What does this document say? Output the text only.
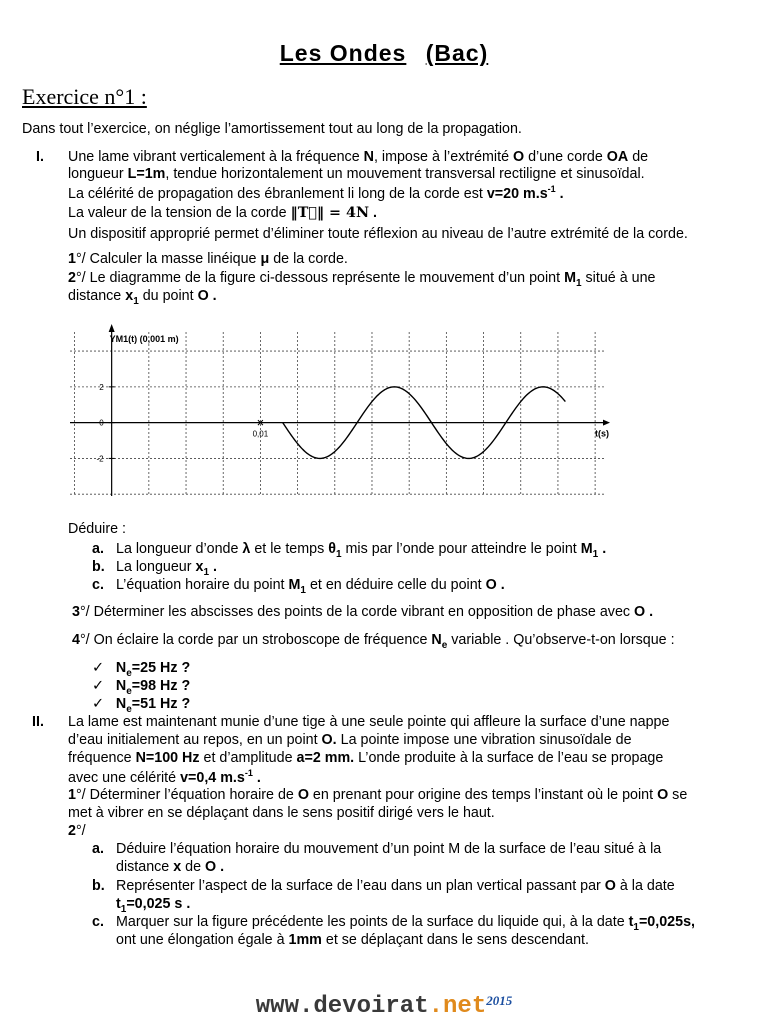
Les Ondes (Bac)
Exercice n°1 :
Dans tout l’exercice, on néglige l’amortissement tout au long de la propagation.
I. Une lame vibrant verticalement à la fréquence N, impose à l’extrémité O d’une corde OA de
longueur L=1m, tendue horizontalement un mouvement transversal rectiligne et sinusoïdal.
La célérité de propagation des ébranlement li long de la corde est v=20 $m.s^{-1}$ .
La valeur de la tension de la corde ‖T⃗‖ = 4N .
Un dispositif approprié permet d’éliminer toute réflexion au niveau de l’autre extrémité de la corde.
1°/ Calculer la masse linéique μ de la corde.
2°/ Le diagramme de la figure ci-dessous représente le mouvement d’un point $M_1$ situé à une
distance $x_1$ du point O .
YM1(t) (0,001 m)
t(s)
2
0
-2
0,01
Déduire :
a. La longueur d’onde λ et le temps $\theta_1$ mis par l’onde pour atteindre le point $M_1$ .
b. La longueur $x_1$ .
c. L’équation horaire du point $M_1$ et en déduire celle du point O .
3°/ Déterminer les abscisses des points de la corde vibrant en opposition de phase avec O .
4°/ On éclaire la corde par un stroboscope de fréquence $N_e$ variable . Qu’observe-t-on lorsque :
✓   $N_e=25$ Hz ?
✓   $N_e=98$ Hz ?
✓   $N_e=51$ Hz ?
II. La lame est maintenant munie d’une tige à une seule pointe qui affleure la surface d’une nappe
d’eau initialement au repos, en un point O. La pointe impose une vibration sinusoïdale de
fréquence N=100 Hz et d’amplitude a=2 mm. L’onde produite à la surface de l’eau se propage
avec une célérité v=0,4 $m.s^{-1}$ .
1°/ Déterminer l’équation horaire de O en prenant pour origine des temps l’instant où le point O se
met à vibrer en se déplaçant dans le sens positif dirigé vers le haut.
2°/
a. Déduire l’équation horaire du mouvement d’un point M de la surface de l’eau situé à la
distance x de O .
b. Représenter l’aspect de la surface de l’eau dans un plan vertical passant par O à la date
$t_1=0,025$ s .
c. Marquer sur la figure précédente les points de la surface du liquide qui, à la date $t_1=0,025s$,
ont une élongation égale à 1mm et se déplaçant dans le sens descendant.
www.devoirat.net$^{2015}$
